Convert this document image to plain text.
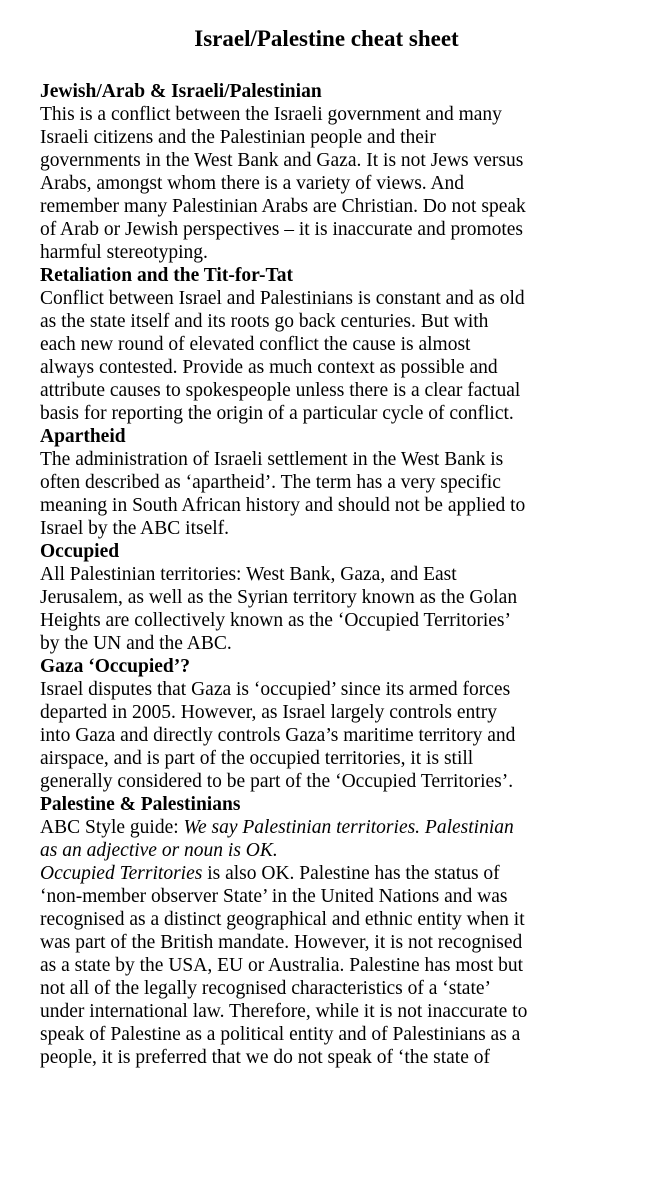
Israel/Palestine cheat sheet
Jewish/Arab & Israeli/Palestinian
This is a conflict between the Israeli government and many
Israeli citizens and the Palestinian people and their
governments in the West Bank and Gaza. It is not Jews versus
Arabs, amongst whom there is a variety of views. And
remember many Palestinian Arabs are Christian. Do not speak
of Arab or Jewish perspectives – it is inaccurate and promotes
harmful stereotyping.
Retaliation and the Tit-for-Tat
Conflict between Israel and Palestinians is constant and as old
as the state itself and its roots go back centuries. But with
each new round of elevated conflict the cause is almost
always contested. Provide as much context as possible and
attribute causes to spokespeople unless there is a clear factual
basis for reporting the origin of a particular cycle of conflict.
Apartheid
The administration of Israeli settlement in the West Bank is
often described as ‘apartheid’. The term has a very specific
meaning in South African history and should not be applied to
Israel by the ABC itself.
Occupied
All Palestinian territories: West Bank, Gaza, and East
Jerusalem, as well as the Syrian territory known as the Golan
Heights are collectively known as the ‘Occupied Territories’
by the UN and the ABC.
Gaza ‘Occupied’?
Israel disputes that Gaza is ‘occupied’ since its armed forces
departed in 2005. However, as Israel largely controls entry
into Gaza and directly controls Gaza’s maritime territory and
airspace, and is part of the occupied territories, it is still
generally considered to be part of the ‘Occupied Territories’.
Palestine & Palestinians
ABC Style guide: We say Palestinian territories. Palestinian
as an adjective or noun is OK.
Occupied Territories is also OK. Palestine has the status of
‘non-member observer State’ in the United Nations and was
recognised as a distinct geographical and ethnic entity when it
was part of the British mandate. However, it is not recognised
as a state by the USA, EU or Australia. Palestine has most but
not all of the legally recognised characteristics of a ‘state’
under international law. Therefore, while it is not inaccurate to
speak of Palestine as a political entity and of Palestinians as a
people, it is preferred that we do not speak of ‘the state of
